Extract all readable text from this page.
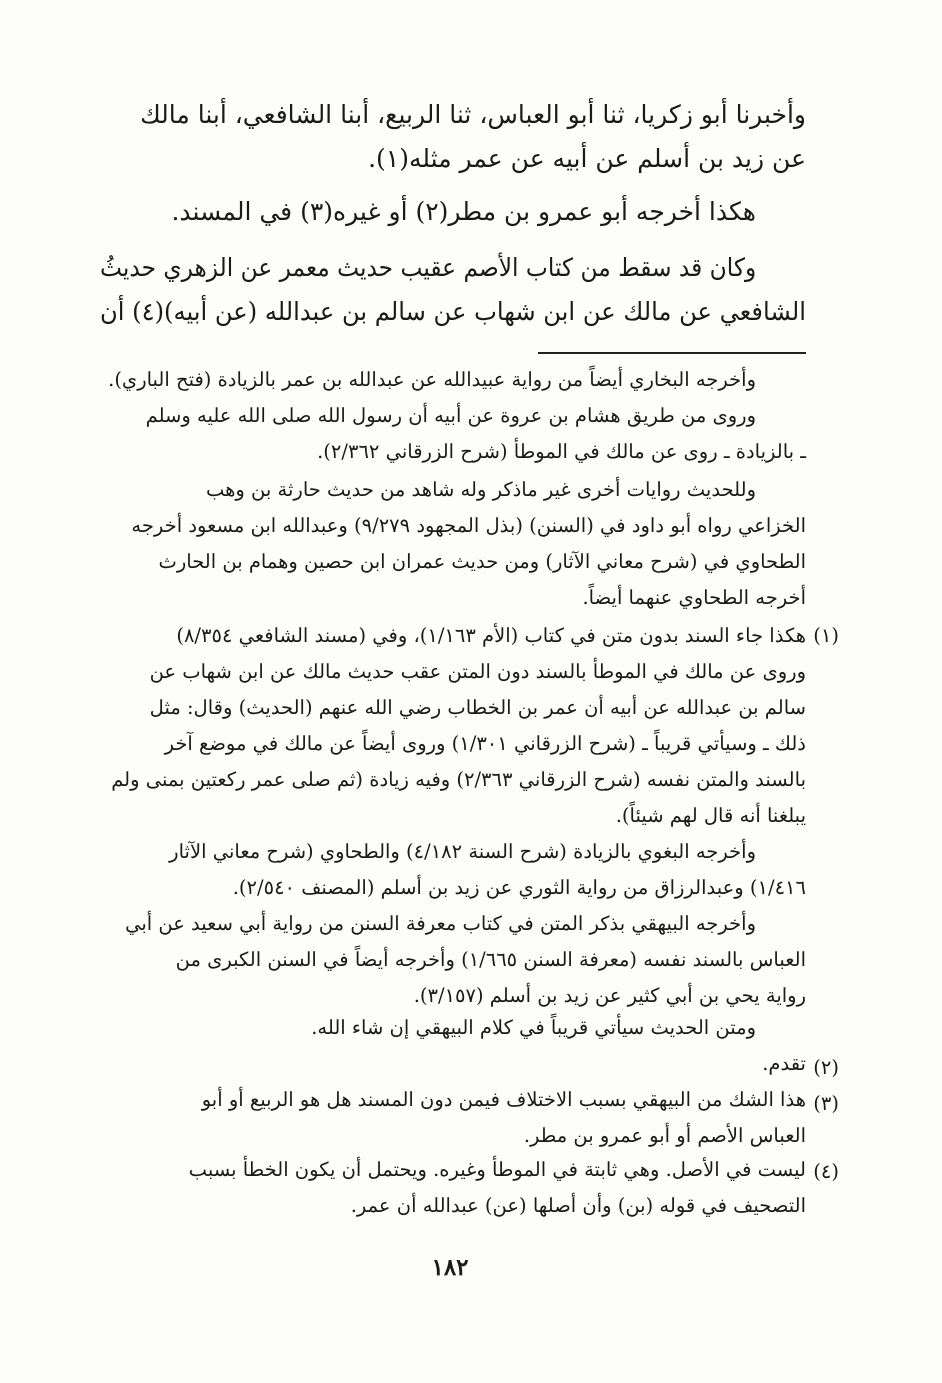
وأخبرنا أبو زكريا، ثنا أبو العباس، ثنا الربيع، أبنا الشافعي، أبنا مالك

عن زيد بن أسلم عن أبيه عن عمر مثله(١).

هكذا أخرجه أبو عمرو بن مطر(٢) أو غيره(٣) في المسند.

وكان قد سقط من كتاب الأصم عقيب حديث معمر عن الزهري حديثُ

الشافعي عن مالك عن ابن شهاب عن سالم بن عبدالله (عن أبيه)(٤) أن

وأخرجه البخاري أيضاً من رواية عبيدالله عن عبدالله بن عمر بالزيادة (فتح الباري).

وروى من طريق هشام بن عروة عن أبيه أن رسول الله صلى الله عليه وسلم

ـ بالزيادة ـ روى عن مالك في الموطأ (شرح الزرقاني ٢/٣٦٢).

وللحديث روايات أخرى غير ماذكر وله شاهد من حديث حارثة بن وهب

الخزاعي رواه أبو داود في (السنن) (بذل المجهود ٩/٢٧٩) وعبدالله ابن مسعود أخرجه

الطحاوي في (شرح معاني الآثار) ومن حديث عمران ابن حصين وهمام بن الحارث

أخرجه الطحاوي عنهما أيضاً.

(١)

هكذا جاء السند بدون متن في كتاب (الأم ١/١٦٣)، وفي (مسند الشافعي ٨/٣٥٤)

وروى عن مالك في الموطأ بالسند دون المتن عقب حديث مالك عن ابن شهاب عن

سالم بن عبدالله عن أبيه أن عمر بن الخطاب رضي الله عنهم (الحديث) وقال: مثل

ذلك ـ وسيأتي قريباً ـ (شرح الزرقاني ١/٣٠١) وروى أيضاً عن مالك في موضع آخر

بالسند والمتن نفسه (شرح الزرقاني ٢/٣٦٣) وفيه زيادة (ثم صلى عمر ركعتين بمنى ولم

يبلغنا أنه قال لهم شيئاً).

وأخرجه البغوي بالزيادة (شرح السنة ٤/١٨٢) والطحاوي (شرح معاني الآثار

١/٤١٦) وعبدالرزاق من رواية الثوري عن زيد بن أسلم (المصنف ٢/٥٤٠).

وأخرجه البيهقي بذكر المتن في كتاب معرفة السنن من رواية أبي سعيد عن أبي

العباس بالسند نفسه (معرفة السنن ١/٦٦٥) وأخرجه أيضاً في السنن الكبرى من

رواية يحي بن أبي كثير عن زيد بن أسلم (٣/١٥٧).

ومتن الحديث سيأتي قريباً في كلام البيهقي إن شاء الله.

(٢)

تقدم.

(٣)

هذا الشك من البيهقي بسبب الاختلاف فيمن دون المسند هل هو الربيع أو أبو

العباس الأصم أو أبو عمرو بن مطر.

(٤)

ليست في الأصل. وهي ثابتة في الموطأ وغيره. ويحتمل أن يكون الخطأ بسبب

التصحيف في قوله (بن) وأن أصلها (عن) عبدالله أن عمر.

١٨٢
